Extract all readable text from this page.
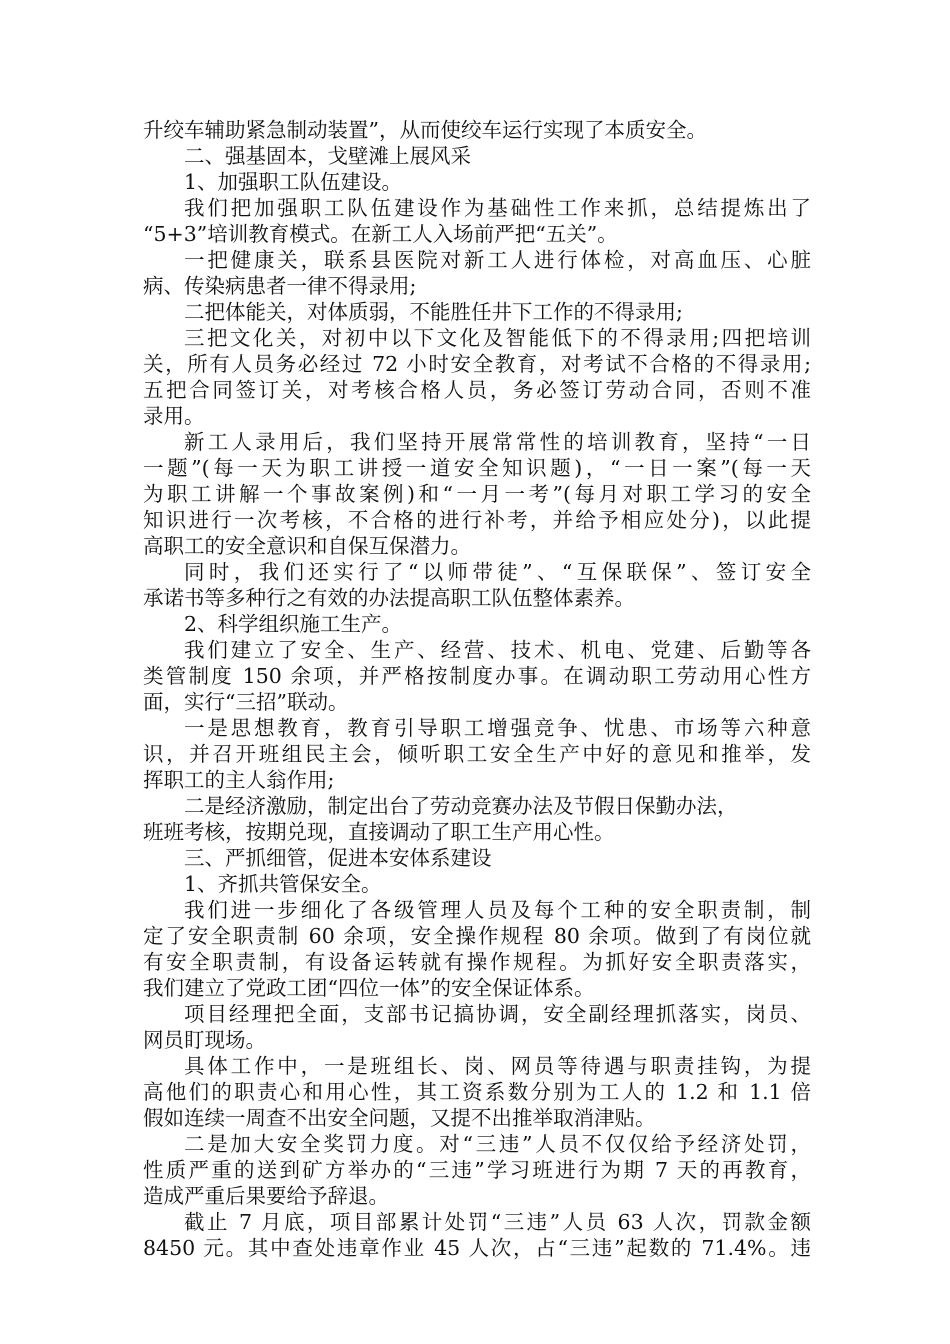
升绞车辅助紧急制动装置”，从而使绞车运行实现了本质安全。
二、强基固本，戈壁滩上展风采
1、加强职工队伍建设。
我们把加强职工队伍建设作为基础性工作来抓，总结提炼出了
“5+3”培训教育模式。在新工人入场前严把“五关”。
一把健康关，联系县医院对新工人进行体检，对高血压、心脏
病、传染病患者一律不得录用;
二把体能关，对体质弱，不能胜任井下工作的不得录用;
三把文化关，对初中以下文化及智能低下的不得录用;四把培训
关，所有人员务必经过 72 小时安全教育，对考试不合格的不得录用;
五把合同签订关，对考核合格人员，务必签订劳动合同，否则不准
录用。
新工人录用后，我们坚持开展常常性的培训教育，坚持“一日
一题”(每一天为职工讲授一道安全知识题)，“一日一案”(每一天
为职工讲解一个事故案例)和“一月一考”(每月对职工学习的安全
知识进行一次考核，不合格的进行补考，并给予相应处分)，以此提
高职工的安全意识和自保互保潜力。
同时，我们还实行了“以师带徒”、“互保联保”、签订安全
承诺书等多种行之有效的办法提高职工队伍整体素养。
2、科学组织施工生产。
我们建立了安全、生产、经营、技术、机电、党建、后勤等各
类管制度 150 余项，并严格按制度办事。在调动职工劳动用心性方
面，实行“三招”联动。
一是思想教育，教育引导职工增强竞争、忧患、市场等六种意
识，并召开班组民主会，倾听职工安全生产中好的意见和推举，发
挥职工的主人翁作用;
二是经济激励，制定出台了劳动竞赛办法及节假日保勤办法，
班班考核，按期兑现，直接调动了职工生产用心性。
三、严抓细管，促进本安体系建设
1、齐抓共管保安全。
我们进一步细化了各级管理人员及每个工种的安全职责制，制
定了安全职责制 60 余项，安全操作规程 80 余项。做到了有岗位就
有安全职责制，有设备运转就有操作规程。为抓好安全职责落实，
我们建立了党政工团“四位一体”的安全保证体系。
项目经理把全面，支部书记搞协调，安全副经理抓落实，岗员、
网员盯现场。
具体工作中，一是班组长、岗、网员等待遇与职责挂钩，为提
高他们的职责心和用心性，其工资系数分别为工人的 1.2 和 1.1 倍
假如连续一周查不出安全问题，又提不出推举取消津贴。
二是加大安全奖罚力度。对“三违”人员不仅仅给予经济处罚，
性质严重的送到矿方举办的“三违”学习班进行为期 7 天的再教育，
造成严重后果要给予辞退。
截止 7 月底，项目部累计处罚“三违”人员 63 人次，罚款金额
8450 元。其中查处违章作业 45 人次，占“三违”起数的 71.4%。违
